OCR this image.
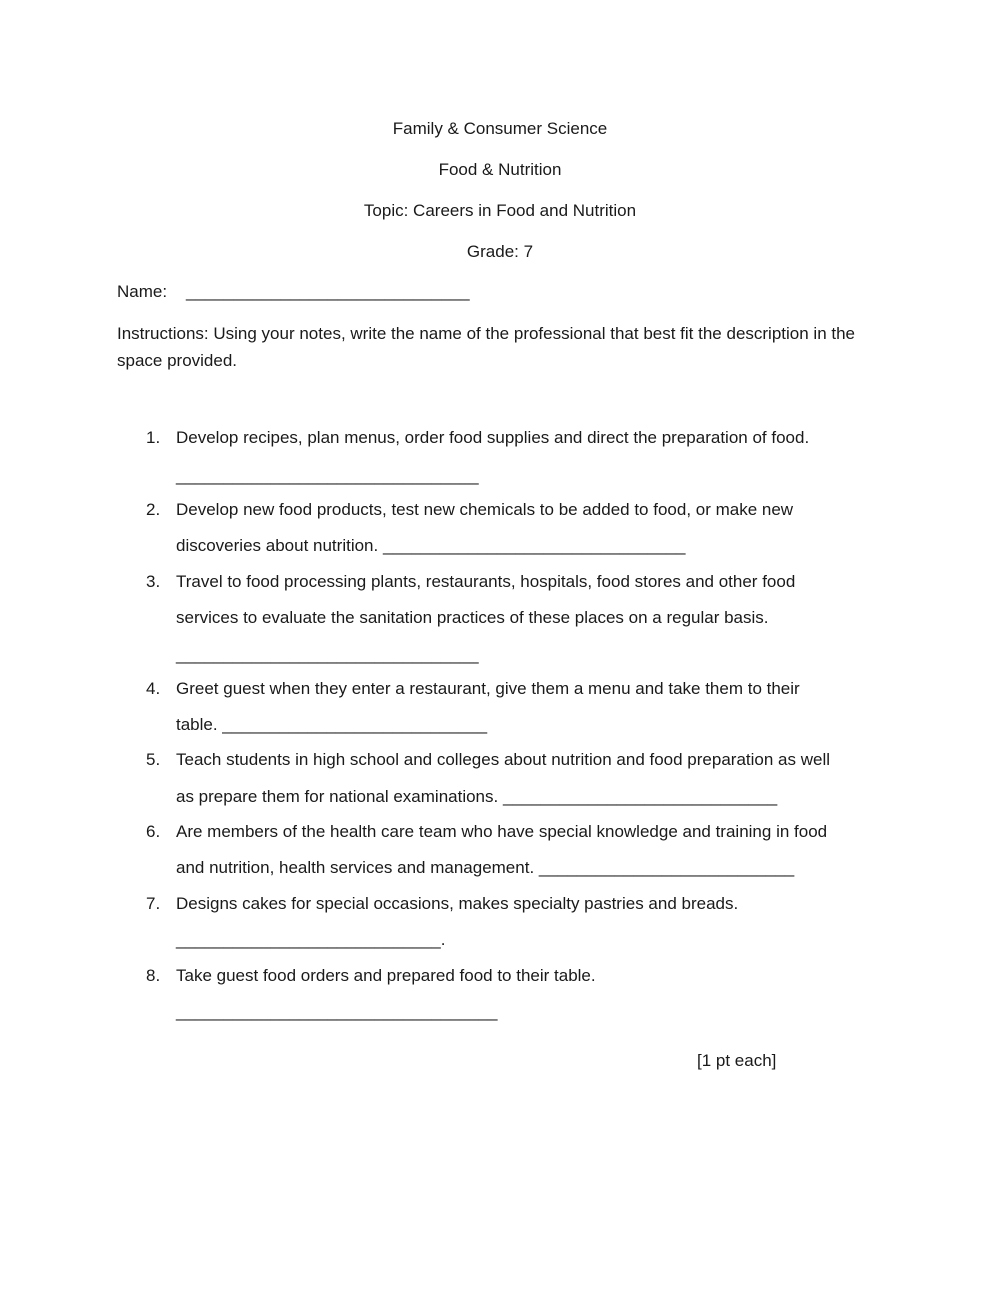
Family & Consumer Science
Food & Nutrition
Topic: Careers in Food and Nutrition
Grade: 7
Name: ______________________________
Instructions: Using your notes, write the name of the professional that best fit the description in the space provided.
1. Develop recipes, plan menus, order food supplies and direct the preparation of food.
________________________________
2. Develop new food products, test new chemicals to be added to food, or make new
discoveries about nutrition. ________________________________
3. Travel to food processing plants, restaurants, hospitals, food stores and other food
services to evaluate the sanitation practices of these places on a regular basis.
________________________________
4. Greet guest when they enter a restaurant, give them a menu and take them to their
table. ____________________________
5. Teach students in high school and colleges about nutrition and food preparation as well
as prepare them for national examinations. _____________________________
6. Are members of the health care team who have special knowledge and training in food
and nutrition, health services and management. ___________________________
7. Designs cakes for special occasions, makes specialty pastries and breads.
____________________________.
8. Take guest food orders and prepared food to their table.
__________________________________
[1 pt each]
